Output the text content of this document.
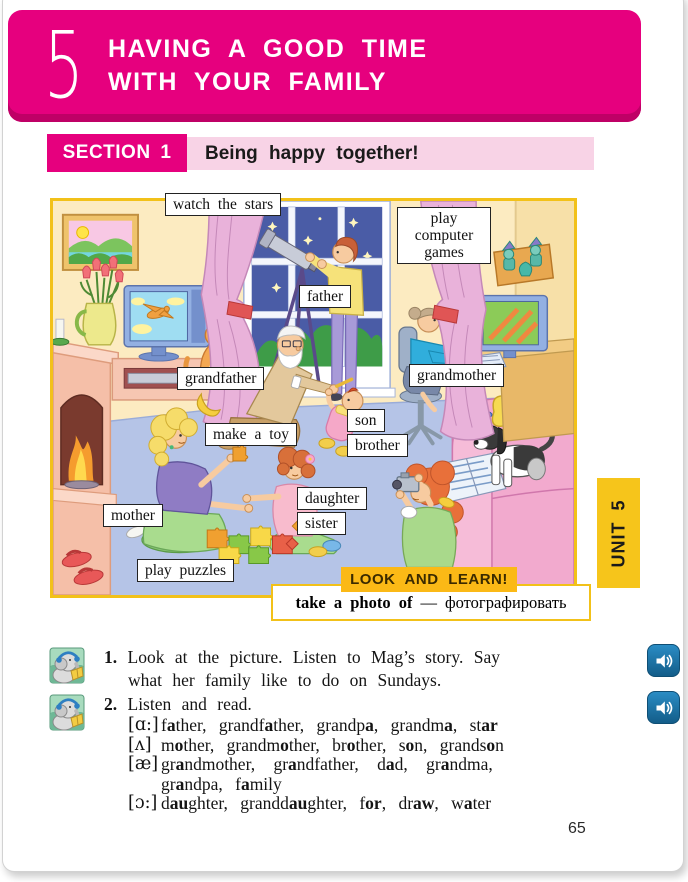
5 HAVING A GOOD TIME
WITH YOUR FAMILY
SECTION 1	Being happy together!
watch the stars
play computer games
father
grandfather	grandmother
son
brother
make a toy
mother
daughter
sister
play puzzles
LOOK AND LEARN!
take a photo of — фотографировать
UNIT 5
1. Look at the picture. Listen to Mag’s story. Say
what her family like to do on Sundays.
2. Listen and read.
[ɑ:] father, grandfather, grandpa, grandma, star
[ʌ] mother, grandmother, brother, son, grandson
[æ] grandmother, grandfather, dad, grandma,
grandpa, family
[ɔ:] daughter, granddaughter, for, draw, water
65
